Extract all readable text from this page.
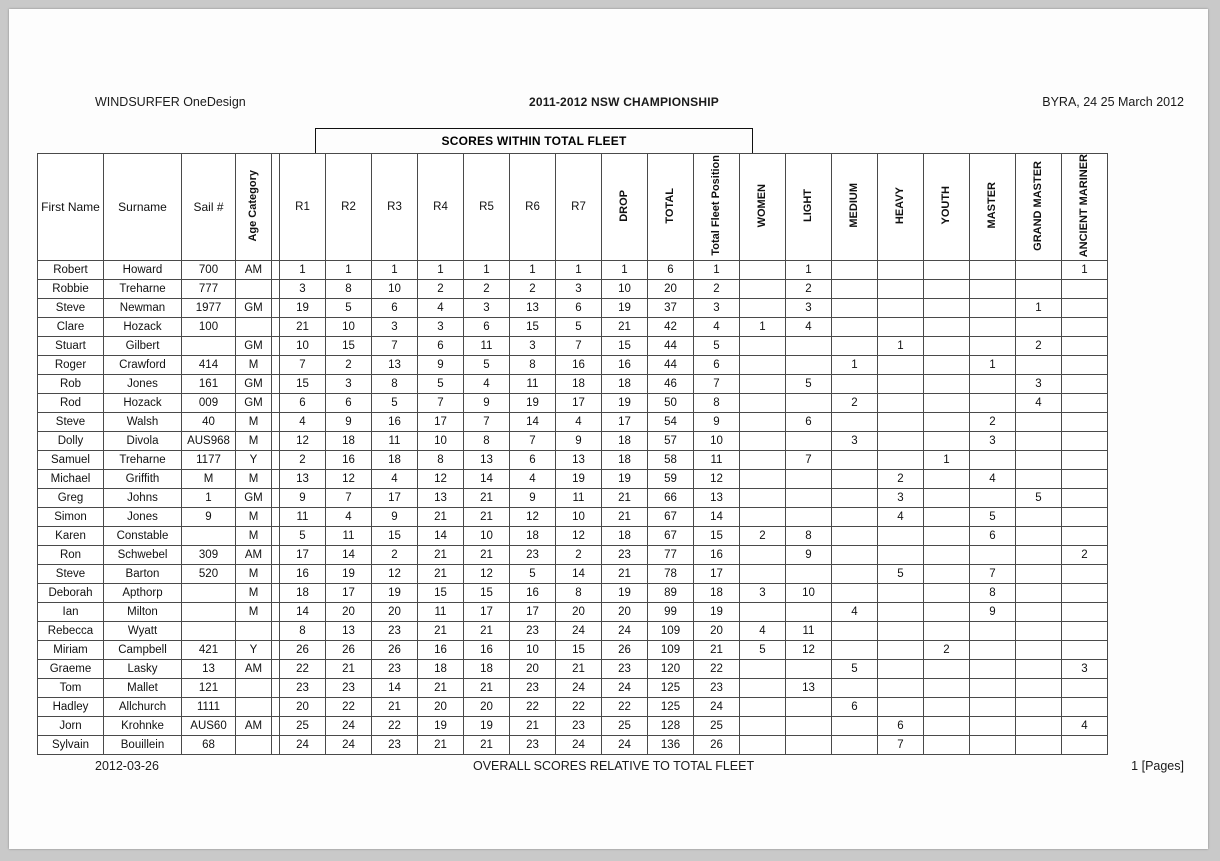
WINDSURFER OneDesign	2011-2012 NSW CHAMPIONSHIP	BYRA, 24 25 March 2012
SCORES WITHIN TOTAL FLEET
First Name	Surname	Sail #	Age Category		R1	R2	R3	R4	R5	R6	R7	DROP	TOTAL	Total Fleet Position	WOMEN	LIGHT	MEDIUM	HEAVY	YOUTH	MASTER	GRAND MASTER	ANCIENT MARINER
Robert	Howard	700	AM		1	1	1	1	1	1	1	1	6	1		1						1
Robbie	Treharne	777			3	8	10	2	2	2	3	10	20	2		2						
Steve	Newman	1977	GM		19	5	6	4	3	13	6	19	37	3		3					1	
Clare	Hozack	100			21	10	3	3	6	15	5	21	42	4	1	4						
Stuart	Gilbert	10	GM		10	15	7	6	11	3	7	15	44	5				1			2	
Roger	Crawford	414	M		7	2	13	9	5	8	16	16	44	6			1			1		
Rob	Jones	161	GM		15	3	8	5	4	11	18	18	46	7		5					3	
Rod	Hozack	009	GM		6	6	5	7	9	19	17	19	50	8			2				4	
Steve	Walsh	40	M		4	9	16	17	7	14	4	17	54	9		6				2		
Dolly	Divola	AUS968	M		12	18	11	10	8	7	9	18	57	10			3			3		
Samuel	Treharne	1177	Y		2	16	18	8	13	6	13	18	58	11		7			1			
Michael	Griffith	M	M		13	12	4	12	14	4	19	19	59	12				2		4		
Greg	Johns	1	GM		9	7	17	13	21	9	11	21	66	13				3			5	
Simon	Jones	9	M		11	4	9	21	21	12	10	21	67	14				4		5		
Karen	Constable	11	M		5	11	15	14	10	18	12	18	67	15	2	8				6		
Ron	Schwebel	309	AM		17	14	2	21	21	23	2	23	77	16		9						2
Steve	Barton	520	M		16	19	12	21	12	5	14	21	78	17				5		7		
Deborah	Apthorp	42	M		18	17	19	15	15	16	8	19	89	18	3	10				8		
Ian	Milton	40	M		14	20	20	11	17	17	20	20	99	19			4			9		
Rebecca	Wyatt	9			8	13	23	21	21	23	24	24	109	20	4	11						
Miriam	Campbell	421	Y		26	26	26	16	16	10	15	26	109	21	5	12			2			
Graeme	Lasky	13	AM		22	21	23	18	18	20	21	23	120	22			5					3
Tom	Mallet	121			23	23	14	21	21	23	24	24	125	23		13						
Hadley	Allchurch	1111			20	22	21	20	20	22	22	22	125	24			6					
Jorn	Krohnke	AUS60	AM		25	24	22	19	19	21	23	25	128	25				6				4
Sylvain	Bouillein	68			24	24	23	21	21	23	24	24	136	26				7				
2012-03-26	OVERALL SCORES RELATIVE TO TOTAL FLEET	1 [Pages]
